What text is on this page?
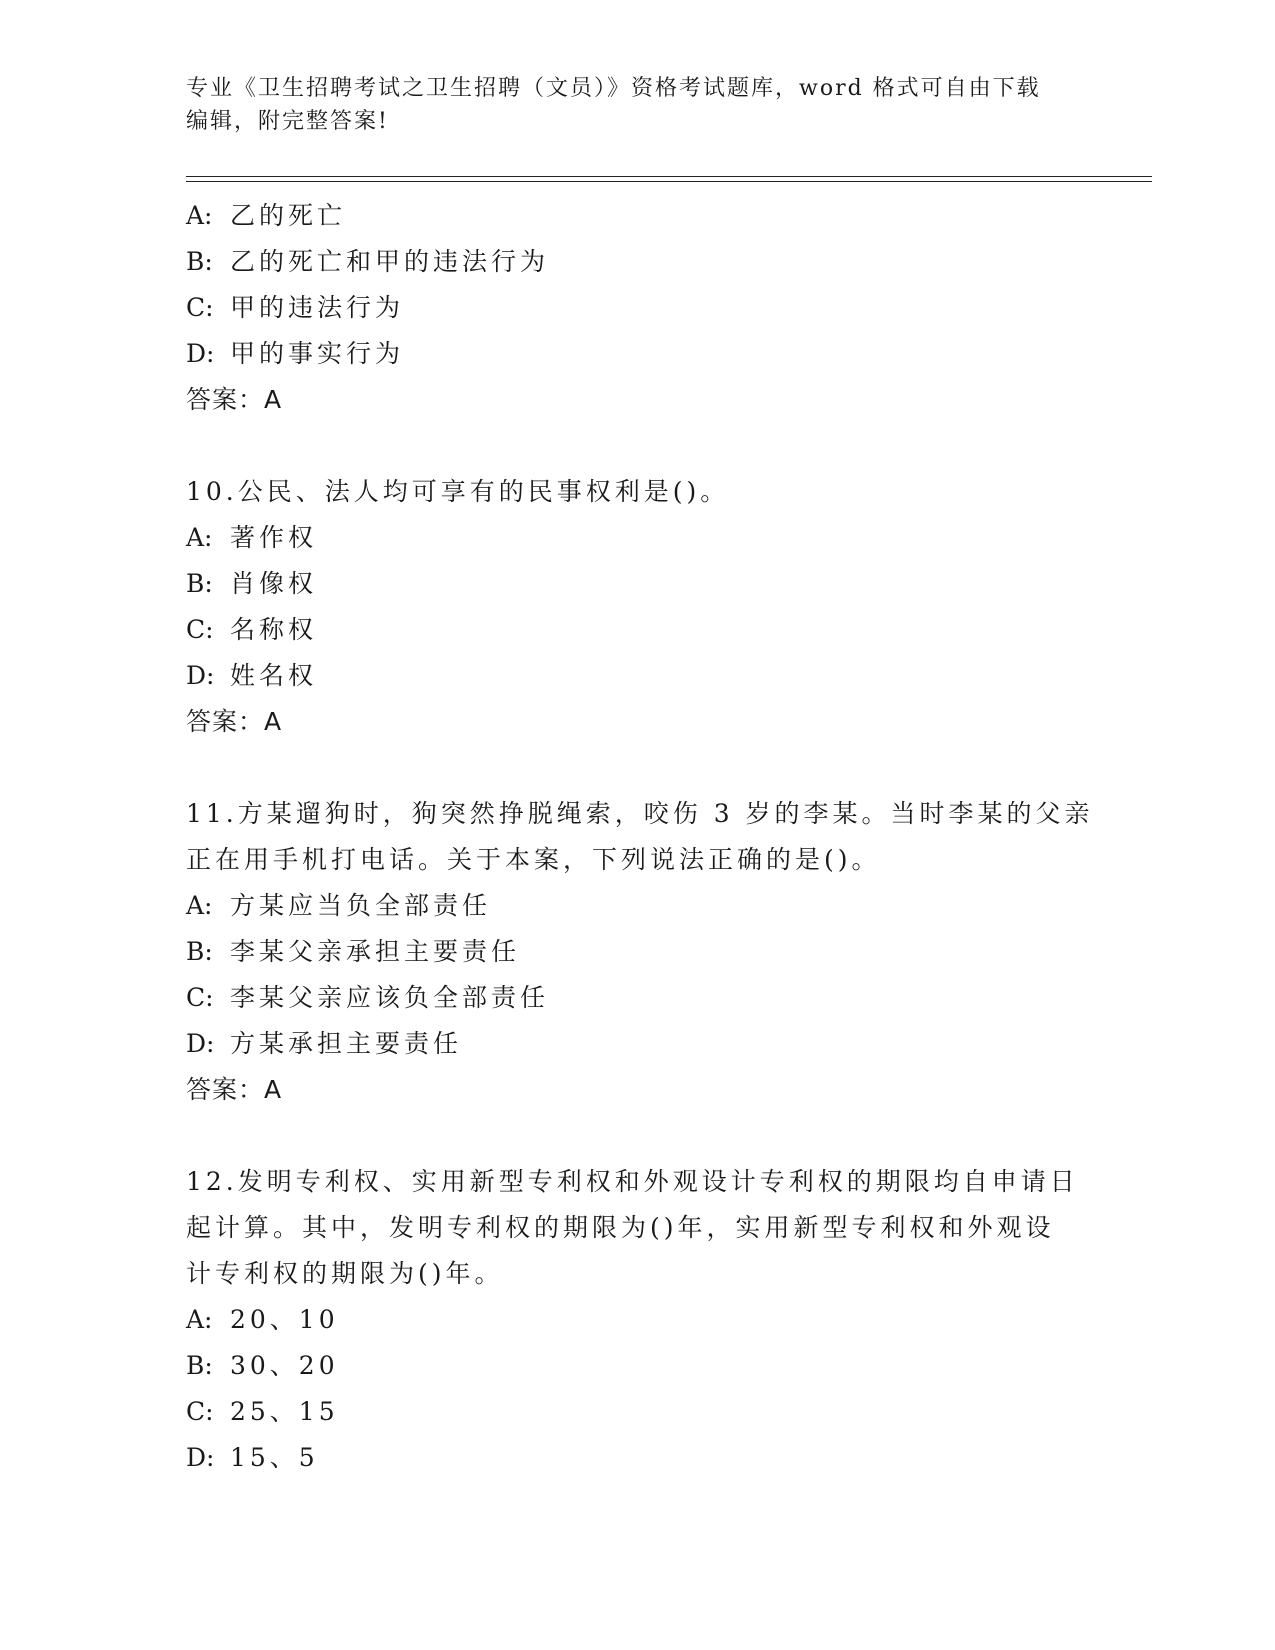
专业《卫生招聘考试之卫生招聘（文员）》资格考试题库，word 格式可自由下载
编辑，附完整答案!
A: 乙的死亡
B: 乙的死亡和甲的违法行为
C: 甲的违法行为
D: 甲的事实行为
答案：A
10.公民、法人均可享有的民事权利是()。
A: 著作权
B: 肖像权
C: 名称权
D: 姓名权
答案：A
11.方某遛狗时，狗突然挣脱绳索，咬伤 3 岁的李某。当时李某的父亲
正在用手机打电话。关于本案，下列说法正确的是()。
A: 方某应当负全部责任
B: 李某父亲承担主要责任
C: 李某父亲应该负全部责任
D: 方某承担主要责任
答案：A
12.发明专利权、实用新型专利权和外观设计专利权的期限均自申请日
起计算。其中，发明专利权的期限为()年，实用新型专利权和外观设
计专利权的期限为()年。
A: 20、10
B: 30、20
C: 25、15
D: 15、5
